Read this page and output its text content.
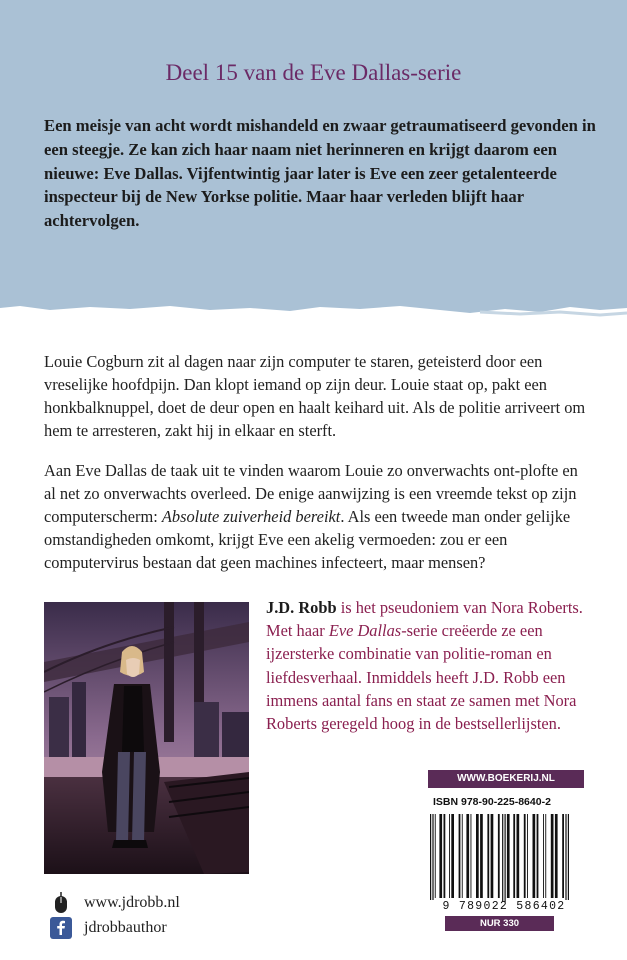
Deel 15 van de Eve Dallas-serie

Een meisje van acht wordt mishandeld en zwaar getraumatiseerd gevonden in een steegje. Ze kan zich haar naam niet herinneren en krijgt daarom een nieuwe: Eve Dallas. Vijfentwintig jaar later is Eve een zeer getalenteerde inspecteur bij de New Yorkse politie. Maar haar verleden blijft haar achtervolgen.

Louie Cogburn zit al dagen naar zijn computer te staren, geteisterd door een vreselijke hoofdpijn. Dan klopt iemand op zijn deur. Louie staat op, pakt een honkbalknuppel, doet de deur open en haalt keihard uit. Als de politie arriveert om hem te arresteren, zakt hij in elkaar en sterft.

Aan Eve Dallas de taak uit te vinden waarom Louie zo onverwachts ont-plofte en al net zo onverwachts overleed. De enige aanwijzing is een vreemde tekst op zijn computerscherm: Absolute zuiverheid bereikt. Als een tweede man onder gelijke omstandigheden omkomt, krijgt Eve een akelig vermoeden: zou er een computervirus bestaan dat geen machines infecteert, maar mensen?

J.D. Robb is het pseudoniem van Nora Roberts. Met haar Eve Dallas-serie creëerde ze een ijzersterke combinatie van politie-roman en liefdesverhaal. Inmiddels heeft J.D. Robb een immens aantal fans en staat ze samen met Nora Roberts geregeld hoog in de bestsellerlijsten.

WWW.BOEKERIJ.NL
ISBN 978-90-225-8640-2
9 789022 586402
NUR 330
www.jdrobb.nl
jdrobbauthor
